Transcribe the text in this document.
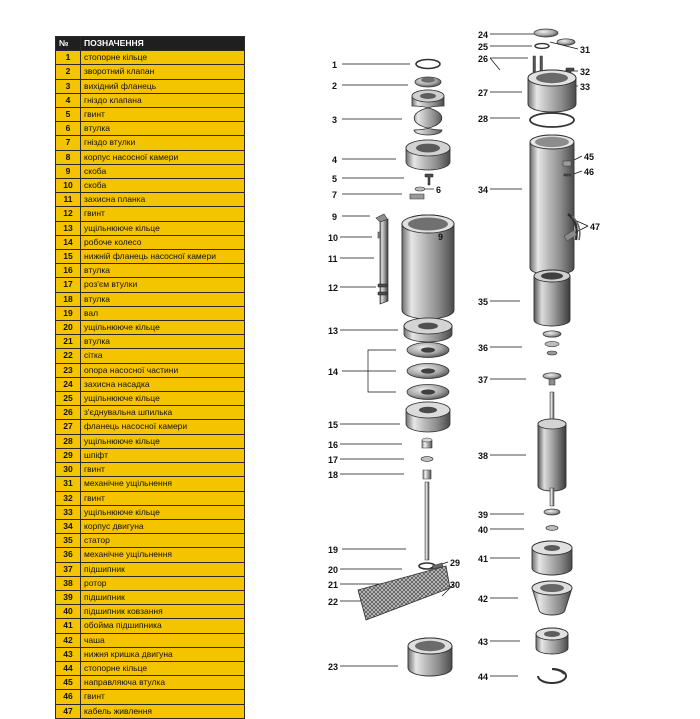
№	ПОЗНАЧЕННЯ
1	стопорне кільце
2	зворотний клапан
3	вихідний фланець
4	гніздо клапана
5	гвинт
6	втулка
7	гніздо втулки
8	корпус насосної камери
9	скоба
10	скоба
11	захисна планка
12	гвинт
13	ущільнююче кільце
14	робоче колесо
15	нижній фланець насосної камери
16	втулка
17	роз'єм втулки
18	втулка
19	вал
20	ущільнююче кільце
21	втулка
22	сітка
23	опора насосної частини
24	захисна насадка
25	ущільнююче кільце
26	з'єднувальна шпилька
27	фланець насосної камери
28	ущільнююче кільце
29	шпіфт
30	гвинт
31	механічне ущільнення
32	гвинт
33	ущільнююче кільце
34	корпус двигуна
35	статор
36	механічне ущільнення
37	підшипник
38	ротор
39	підшипник
40	підшипник ковзання
41	обойма підшипника
42	чаша
43	нижня кришка двигуна
44	стопорне кільце
45	направляюча втулка
46	гвинт
47	кабель живлення
1
2
3
4
5
6
7
9
10
11
12
9
13
14
15
16
17
18
19
20
21
22
23
29
30
24
25
26
27
28
31
32
33
34
35
36
37
38
39
40
41
42
43
44
45
46
47
